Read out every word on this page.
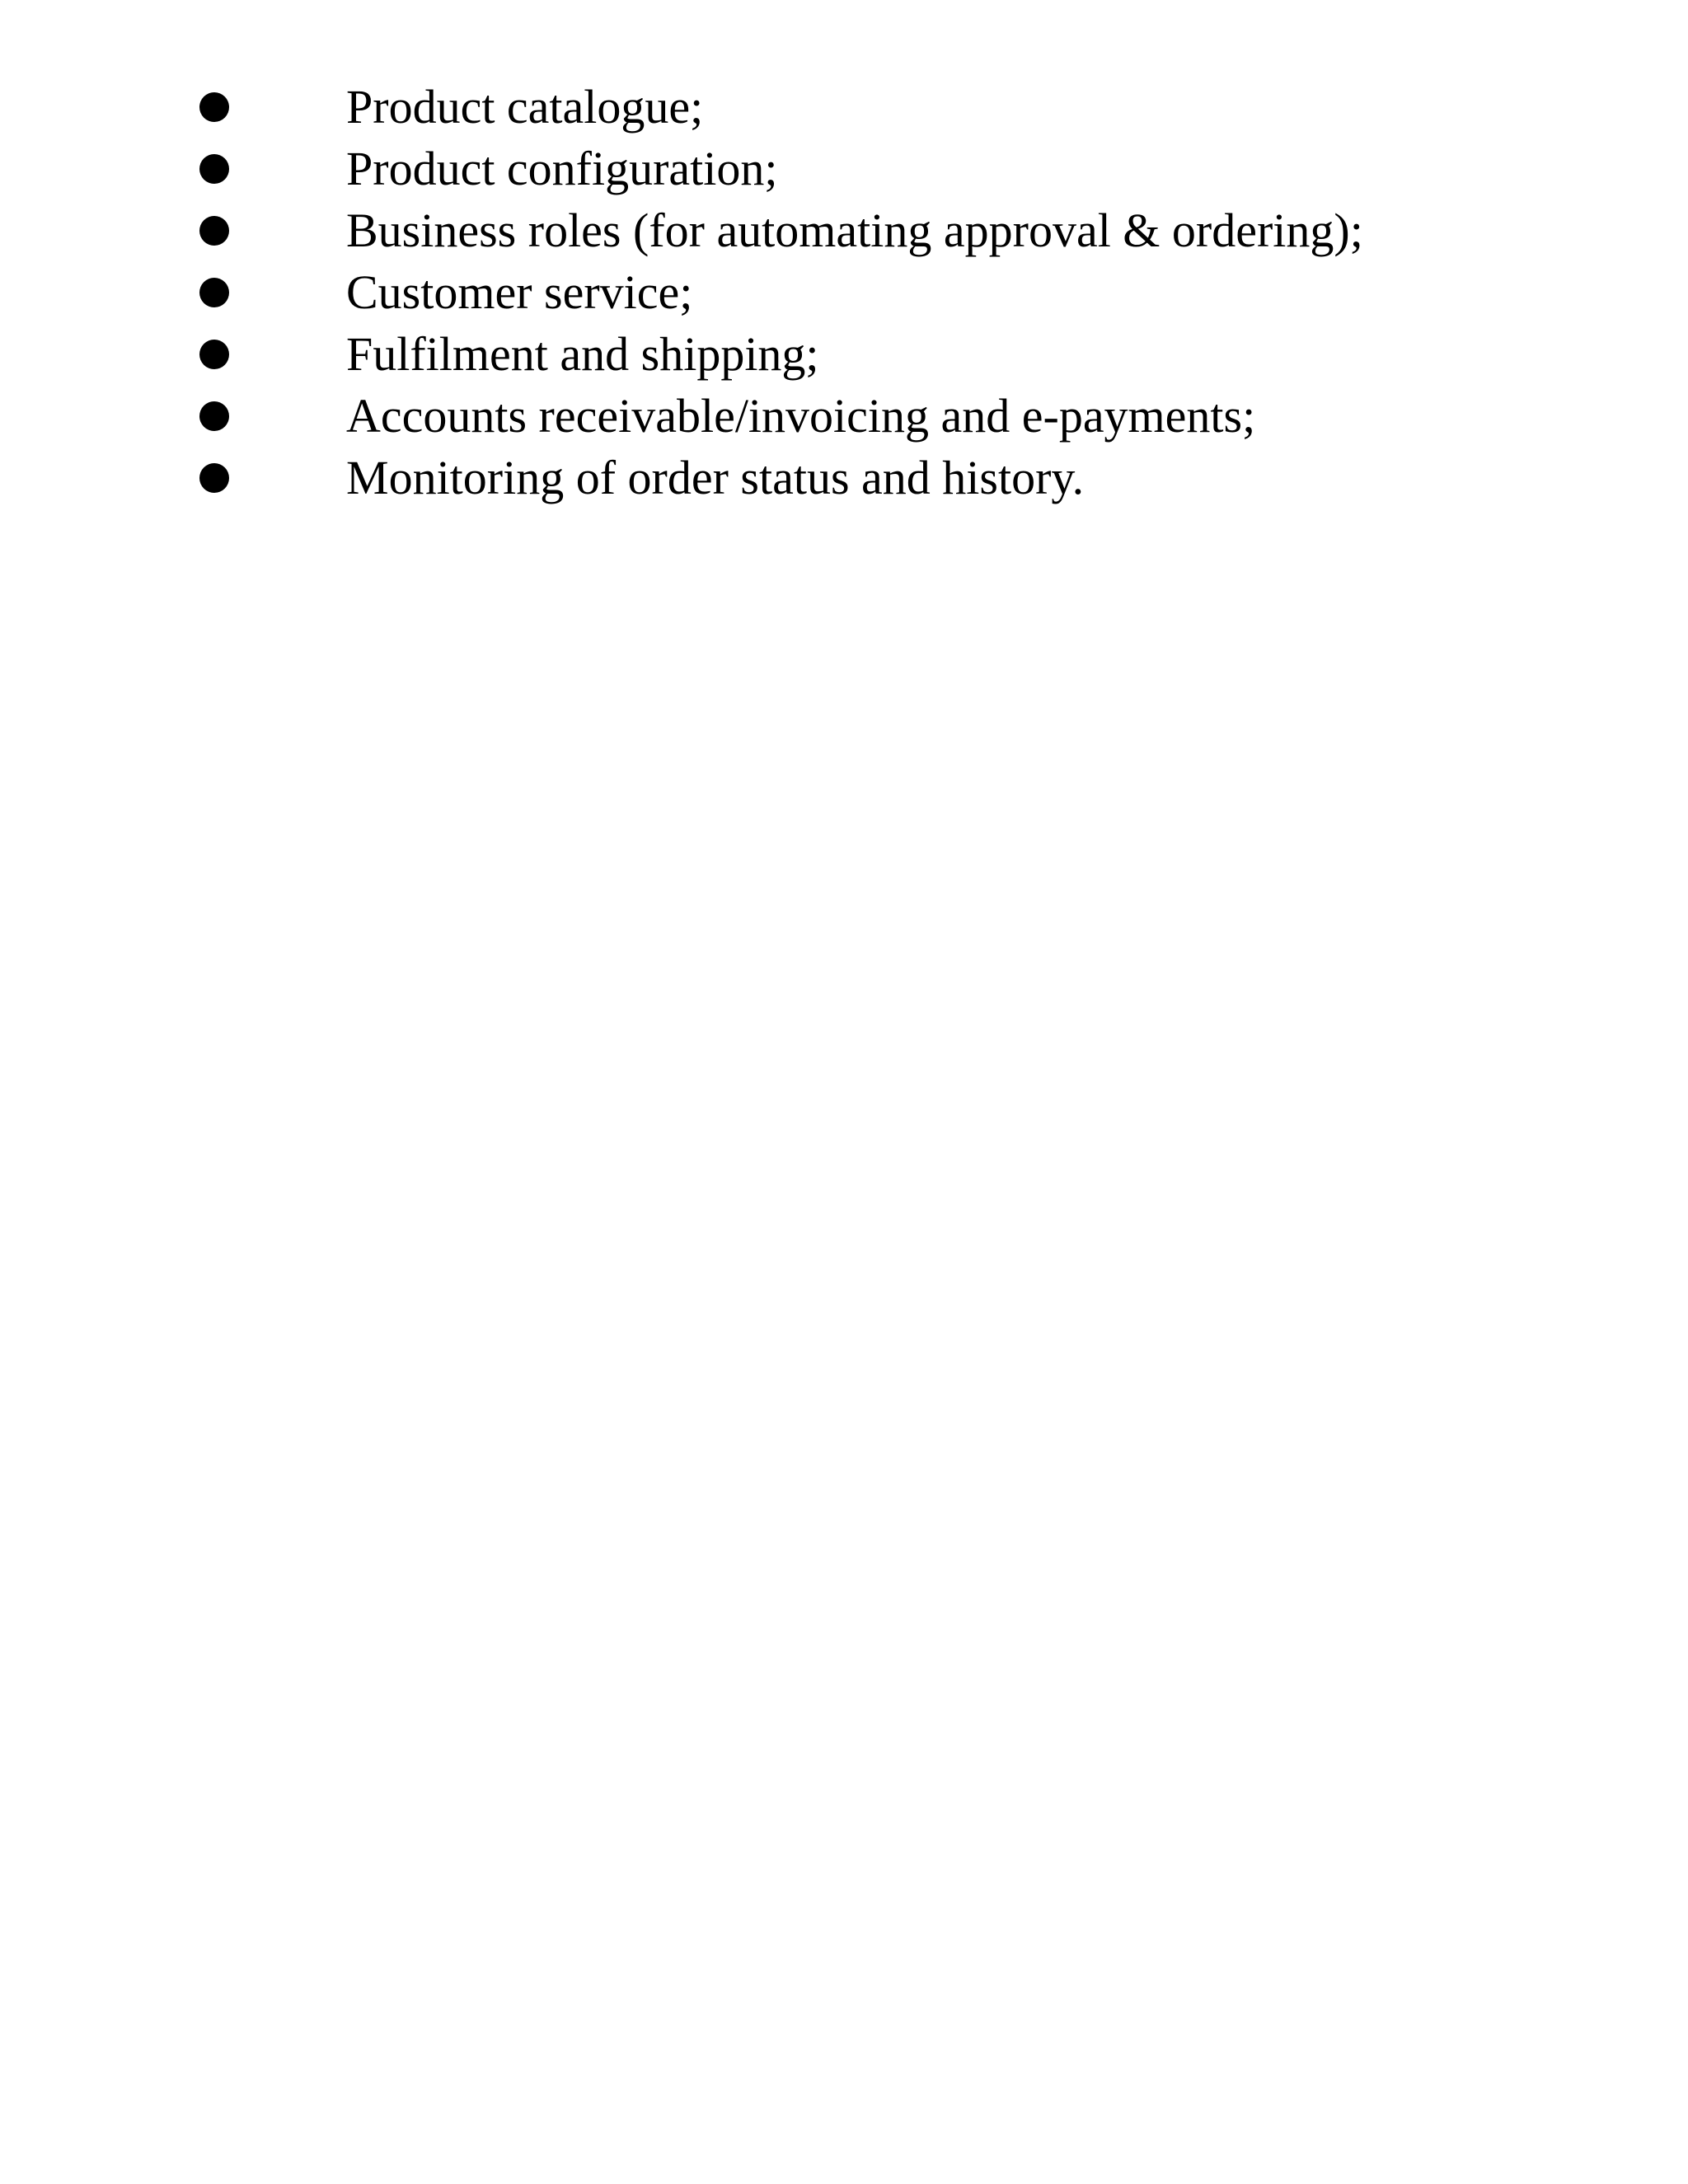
Product catalogue;
Product configuration;
Business roles (for automating approval & ordering);
Customer service;
Fulfilment and shipping;
Accounts receivable/invoicing and e-payments;
Monitoring of order status and history.
